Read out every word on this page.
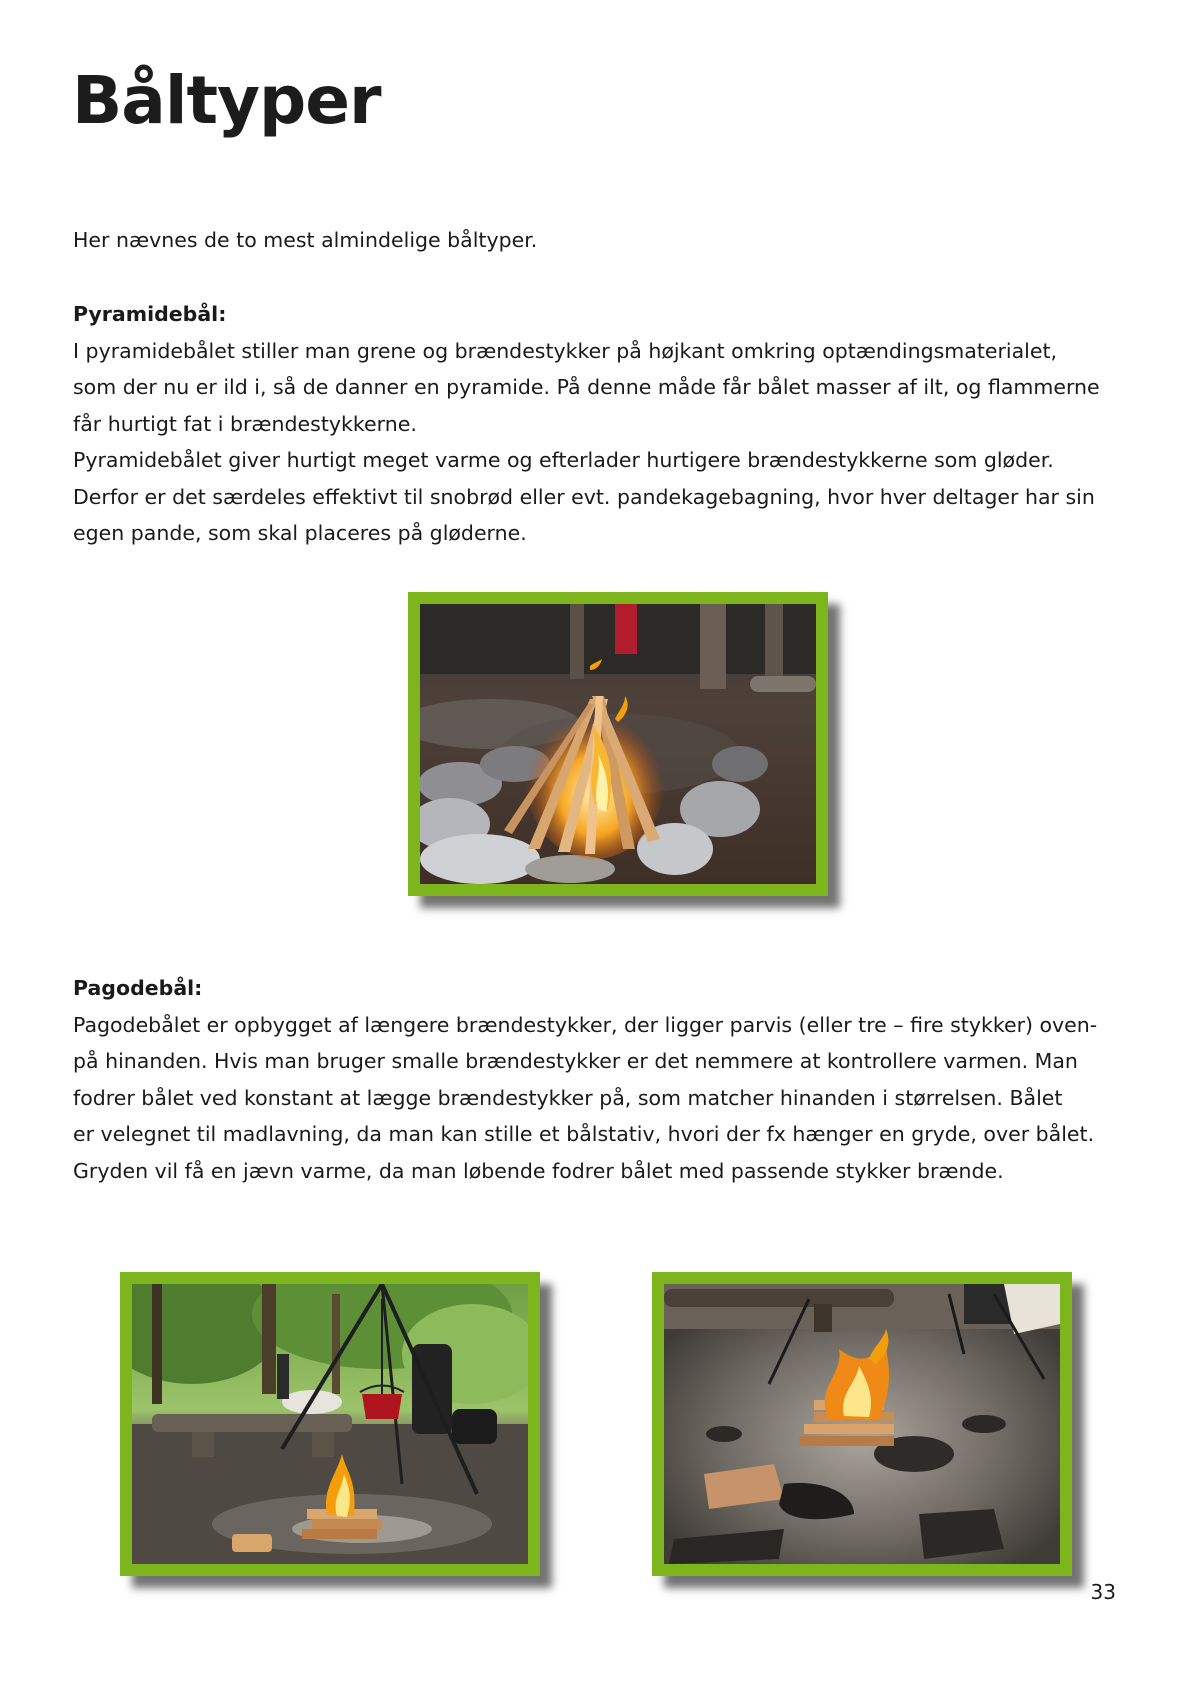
Båltyper

Her nævnes de to mest almindelige båltyper.

Pyramidebål:

I pyramidebålet stiller man grene og brændestykker på højkant omkring optændingsmaterialet,

som der nu er ild i, så de danner en pyramide. På denne måde får bålet masser af ilt, og flammerne

får hurtigt fat i brændestykkerne.

Pyramidebålet giver hurtigt meget varme og efterlader hurtigere brændestykkerne som gløder.

Derfor er det særdeles effektivt til snobrød eller evt. pandekagebagning, hvor hver deltager har sin

egen pande, som skal placeres på gløderne.

Pagodebål:

Pagodebålet er opbygget af længere brændestykker, der ligger parvis (eller tre – fire stykker) oven-

på hinanden. Hvis man bruger smalle brændestykker er det nemmere at kontrollere varmen. Man

fodrer bålet ved konstant at lægge brændestykker på, som matcher hinanden i størrelsen. Bålet

er velegnet til madlavning, da man kan stille et bålstativ, hvori der fx hænger en gryde, over bålet.

Gryden vil få en jævn varme, da man løbende fodrer bålet med passende stykker brænde.

33
